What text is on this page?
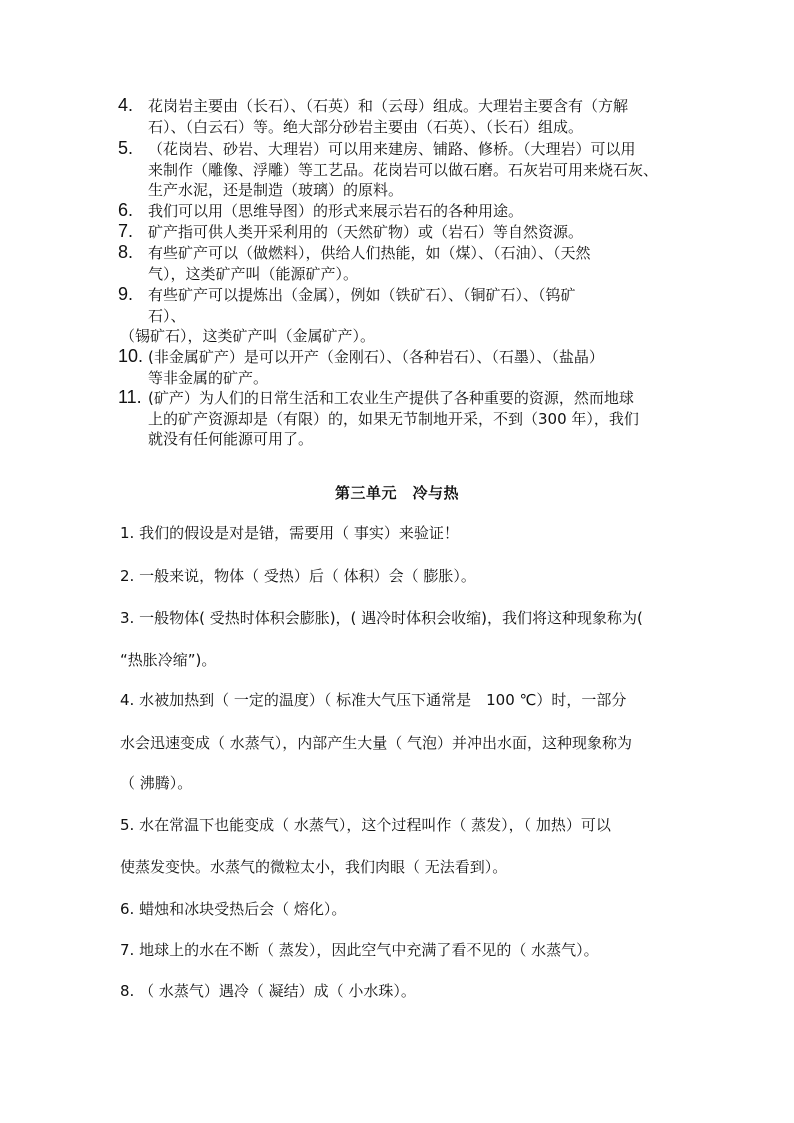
4. 花岗岩主要由（长石）、（石英）和（云母）组成。大理岩主要含有（方解
石）、（白云石）等。绝大部分砂岩主要由（石英）、（长石）组成。
5. （花岗岩、砂岩、大理岩）可以用来建房、铺路、修桥。（大理岩）可以用
来制作（雕像、浮雕）等工艺品。花岗岩可以做石磨。石灰岩可用来烧石灰、
生产水泥，还是制造（玻璃）的原料。
6. 我们可以用（思维导图）的形式来展示岩石的各种用途。
7. 矿产指可供人类开采利用的（天然矿物）或（岩石）等自然资源。
8. 有些矿产可以（做燃料），供给人们热能，如（煤）、（石油）、（天然
气），这类矿产叫（能源矿产）。
9. 有些矿产可以提炼出（金属），例如（铁矿石）、（铜矿石）、（钨矿
石）、
（锡矿石），这类矿产叫（金属矿产）。
10. (非金属矿产）是可以开产（金刚石）、（各种岩石）、（石墨）、（盐晶）
等非金属的矿产。
11. (矿产）为人们的日常生活和工农业生产提供了各种重要的资源，然而地球
上的矿产资源却是（有限）的，如果无节制地开采，不到（300 年），我们
就没有任何能源可用了。
第三单元　冷与热
1. 我们的假设是对是错，需要用（ 事实）来验证！
2. 一般来说，物体（ 受热）后（ 体积）会（ 膨胀）。
3. 一般物体( 受热时体积会膨胀)，( 遇冷时体积会收缩)，我们将这种现象称为(
“热胀冷缩”)。
4. 水被加热到（ 一定的温度）（ 标准大气压下通常是　100 ℃）时，一部分
水会迅速变成（ 水蒸气），内部产生大量（ 气泡）并冲出水面，这种现象称为
（ 沸腾）。
5. 水在常温下也能变成（ 水蒸气），这个过程叫作（ 蒸发），（ 加热）可以
使蒸发变快。水蒸气的微粒太小，我们肉眼（ 无法看到）。
6. 蜡烛和冰块受热后会（ 熔化）。
7. 地球上的水在不断（ 蒸发），因此空气中充满了看不见的（ 水蒸气）。
8. （ 水蒸气）遇冷（ 凝结）成（ 小水珠）。
